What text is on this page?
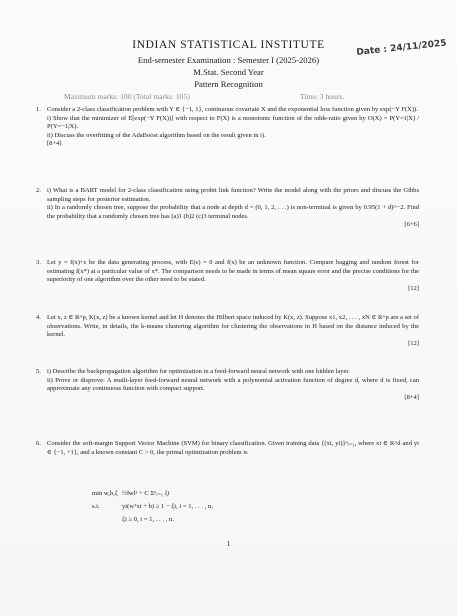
INDIAN STATISTICAL INSTITUTE
End-semester Examination : Semester I (2025-2026)
M.Stat. Second Year
Pattern Recognition
Maximum marks: 100 (Total marks: 105)	Time: 3 hours.
Date : 24/11/2025
1. Consider a 2-class classification problem with Y ∈ {−1, 1}, continuous covariate X and the exponential loss function given by exp(−Y F(X)).

i) Show that the minimizer of E[exp(−Y F(X))] with respect to F(X) is a monotonic function of the odds-ratio given by O(X) = P(Y=1|X) / P(Y=−1|X).

ii) Discuss the overfitting of the AdaBoost algorithm based on the result given in i).

[8+4]
2. i) What is a BART model for 2-class classification using probit link function? Write the model along with the priors and discuss the Gibbs sampling steps for posterior estimation.

ii) In a randomly chosen tree, suppose the probability that a node at depth d = (0, 1, 2, . . .) is non-terminal is given by 0.95(1 + d)^−2. Find the probability that a randomly chosen tree has (a)1 (b)2 (c)3 terminal nodes.

[6+6]
3. Let y = f(x)+ε be the data generating process, with E(ε) = 0 and f(x) be an unknown function. Compare bagging and random forest for estimating f(x*) at a particular value of x*. The comparison needs to be made in terms of mean square error and the precise conditions for the superiority of one algorithm over the other need to be stated.

[12]
4. Let x, z ∈ R^p, K(x, z) be a known kernel and let H denotes the Hilbert space induced by K(x, z). Suppose x1, x2, . . . , xN ∈ R^p are a set of observations. Write, in details, the k-means clustering algorithm for clustering the observations in H based on the distance induced by the kernel.

[12]
5. i) Describe the backpropagation algorithm for optimization in a feed-forward neural network with one hidden layer.

ii) Prove or disprove: A mutli-layer feed-forward neural network with a polynomial activation function of degree d, where d is fixed, can approximate any continuous function with compact support.

[8+4]
6. Consider the soft-margin Support Vector Machine (SVM) for binary classification. Given training data {(xi, yi)}ⁿᵢ₌₁, where xi ∈ R^d and yi ∈ {−1, +1}, and a known constant C > 0, the primal optimization problem is

min w,b,ξ ½‖w‖² + C Σⁿᵢ₌₁ ξi
s.t.	yi(wᵀxi + b) ≥ 1 − ξi, i = 1, . . . , n,
ξi ≥ 0, i = 1, . . . , n.
1
